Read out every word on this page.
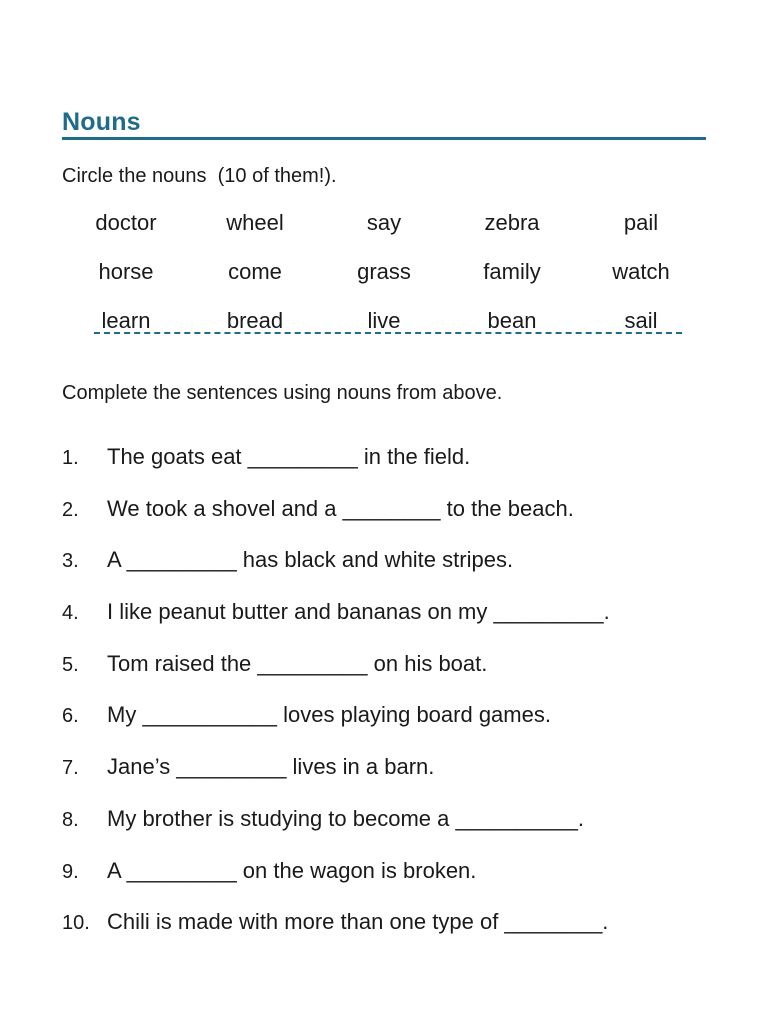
Nouns
Circle the nouns  (10 of them!).
doctor	wheel	say	zebra	pail
horse	come	grass	family	watch
learn	bread	live	bean	sail
Complete the sentences using nouns from above.
1. The goats eat _________ in the field.
2. We took a shovel and a ________ to the beach.
3. A _________ has black and white stripes.
4. I like peanut butter and bananas on my _________.
5. Tom raised the _________ on his boat.
6. My ___________ loves playing board games.
7. Jane’s _________ lives in a barn.
8. My brother is studying to become a __________.
9. A _________ on the wagon is broken.
10. Chili is made with more than one type of ________.
